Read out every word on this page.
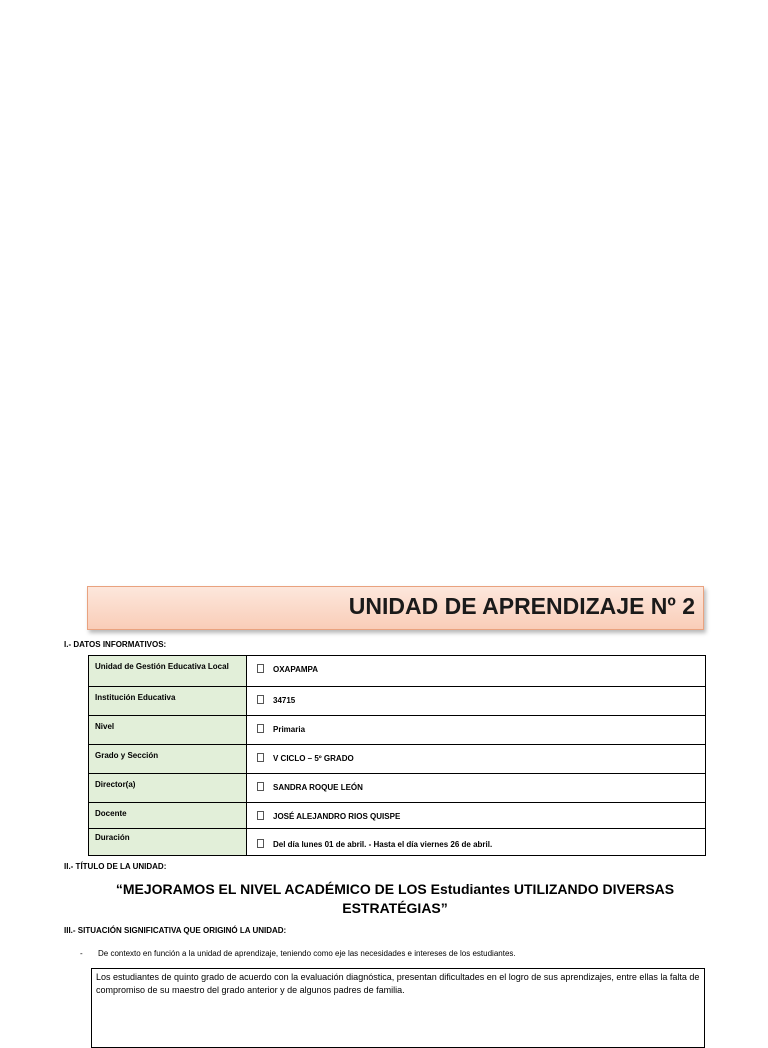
UNIDAD DE APRENDIZAJE Nº 2
I.- DATOS INFORMATIVOS:
Unidad de Gestión Educativa Local	OXAPAMPA
Institución Educativa	34715
Nivel	Primaria
Grado y Sección	V CICLO – 5º GRADO
Director(a)	SANDRA ROQUE LEÓN
Docente	JOSÉ ALEJANDRO RIOS QUISPE
Duración	Del día lunes 01 de abril. - Hasta el día viernes 26 de abril.
II.- TÍTULO DE LA UNIDAD:
“MEJORAMOS EL NIVEL ACADÉMICO DE LOS Estudiantes UTILIZANDO DIVERSAS
ESTRATÉGIAS”
III.- SITUACIÓN SIGNIFICATIVA QUE ORIGINÓ LA UNIDAD:
- De contexto en función a la unidad de aprendizaje, teniendo como eje las necesidades e intereses de los estudiantes.
Los estudiantes de quinto grado de acuerdo con la evaluación diagnóstica, presentan dificultades en el logro de sus aprendizajes, entre ellas la falta de compromiso de su maestro del grado anterior y de algunos padres de familia.
